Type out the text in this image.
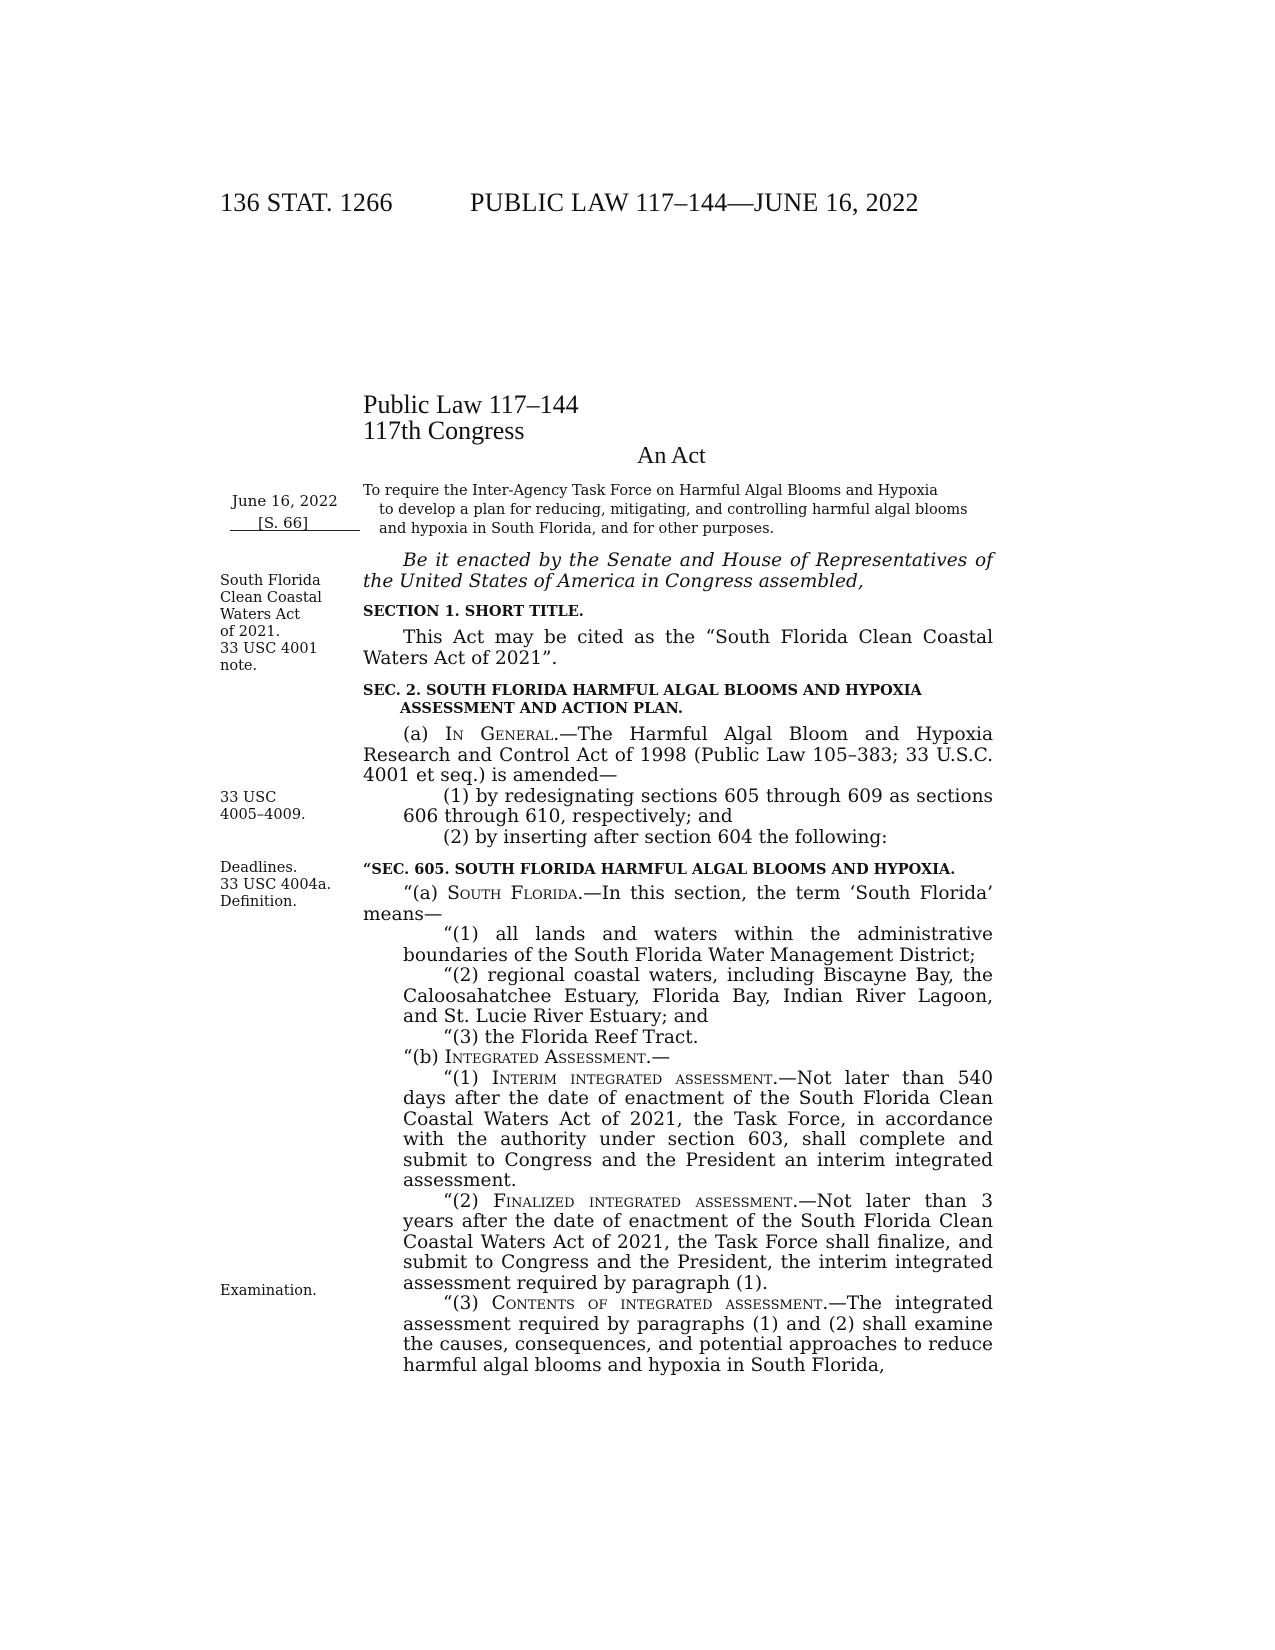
136 STAT. 1266	PUBLIC LAW 117–144—JUNE 16, 2022
Public Law 117–144
117th Congress
An Act
June 16, 2022
[S. 66]

To require the Inter-Agency Task Force on Harmful Algal Blooms and Hypoxia

to develop a plan for reducing, mitigating, and controlling harmful algal blooms

and hypoxia in South Florida, and for other purposes.

South Florida

Clean Coastal

Waters Act

of 2021.

33 USC 4001

note.

33 USC

4005–4009.

Deadlines.

33 USC 4004a.

Definition.

Examination.

Be it enacted by the Senate and House of Representatives of the United States of America in Congress assembled,

SECTION 1. SHORT TITLE.

This Act may be cited as the “South Florida Clean Coastal Waters Act of 2021”.

SEC. 2. SOUTH FLORIDA HARMFUL ALGAL BLOOMS AND HYPOXIA
ASSESSMENT AND ACTION PLAN.

(a) In General.—The Harmful Algal Bloom and Hypoxia Research and Control Act of 1998 (Public Law 105–383; 33 U.S.C. 4001 et seq.) is amended—

(1) by redesignating sections 605 through 609 as sections 606 through 610, respectively; and

(2) by inserting after section 604 the following:

“SEC. 605. SOUTH FLORIDA HARMFUL ALGAL BLOOMS AND HYPOXIA.

“(a) South Florida.—In this section, the term ‘South Florida’ means—

“(1) all lands and waters within the administrative boundaries of the South Florida Water Management District;

“(2) regional coastal waters, including Biscayne Bay, the Caloosahatchee Estuary, Florida Bay, Indian River Lagoon, and St. Lucie River Estuary; and

“(3) the Florida Reef Tract.

“(b) Integrated Assessment.—

“(1) Interim integrated assessment.—Not later than 540 days after the date of enactment of the South Florida Clean Coastal Waters Act of 2021, the Task Force, in accordance with the authority under section 603, shall complete and submit to Congress and the President an interim integrated assessment.

“(2) Finalized integrated assessment.—Not later than 3 years after the date of enactment of the South Florida Clean Coastal Waters Act of 2021, the Task Force shall finalize, and submit to Congress and the President, the interim integrated assessment required by paragraph (1).

“(3) Contents of integrated assessment.—The integrated assessment required by paragraphs (1) and (2) shall examine the causes, consequences, and potential approaches to reduce harmful algal blooms and hypoxia in South Florida,
